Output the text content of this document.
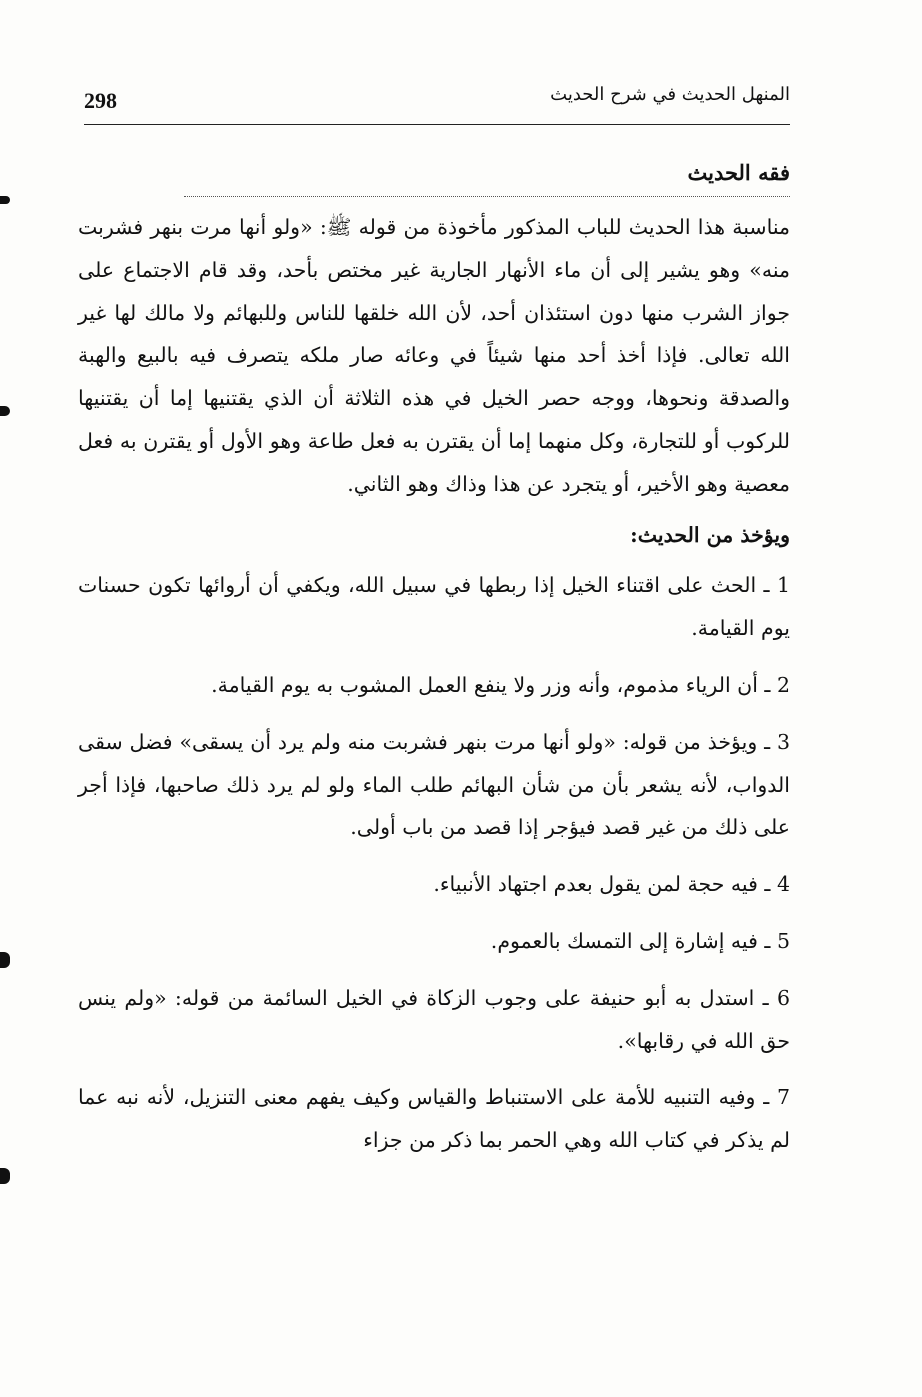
298	المنهل الحديث في شرح الحديث
فقه الحديث

مناسبة هذا الحديث للباب المذكور مأخوذة من قوله ﷺ: «ولو أنها مرت بنهر فشربت منه» وهو يشير إلى أن ماء الأنهار الجارية غير مختص بأحد، وقد قام الاجتماع على جواز الشرب منها دون استئذان أحد، لأن الله خلقها للناس وللبهائم ولا مالك لها غير الله تعالى. فإذا أخذ أحد منها شيئاً في وعائه صار ملكه يتصرف فيه بالبيع والهبة والصدقة ونحوها، ووجه حصر الخيل في هذه الثلاثة أن الذي يقتنيها إما أن يقتنيها للركوب أو للتجارة، وكل منهما إما أن يقترن به فعل طاعة وهو الأول أو يقترن به فعل معصية وهو الأخير، أو يتجرد عن هذا وذاك وهو الثاني.

ويؤخذ من الحديث:

1 ـ الحث على اقتناء الخيل إذا ربطها في سبيل الله، ويكفي أن أروائها تكون حسنات يوم القيامة.

2 ـ أن الرياء مذموم، وأنه وزر ولا ينفع العمل المشوب به يوم القيامة.

3 ـ ويؤخذ من قوله: «ولو أنها مرت بنهر فشربت منه ولم يرد أن يسقى» فضل سقى الدواب، لأنه يشعر بأن من شأن البهائم طلب الماء ولو لم يرد ذلك صاحبها، فإذا أجر على ذلك من غير قصد فيؤجر إذا قصد من باب أولى.

4 ـ فيه حجة لمن يقول بعدم اجتهاد الأنبياء.

5 ـ فيه إشارة إلى التمسك بالعموم.

6 ـ استدل به أبو حنيفة على وجوب الزكاة في الخيل السائمة من قوله: «ولم ينس حق الله في رقابها».

7 ـ وفيه التنبيه للأمة على الاستنباط والقياس وكيف يفهم معنى التنزيل، لأنه نبه عما لم يذكر في كتاب الله وهي الحمر بما ذكر من جزاء
